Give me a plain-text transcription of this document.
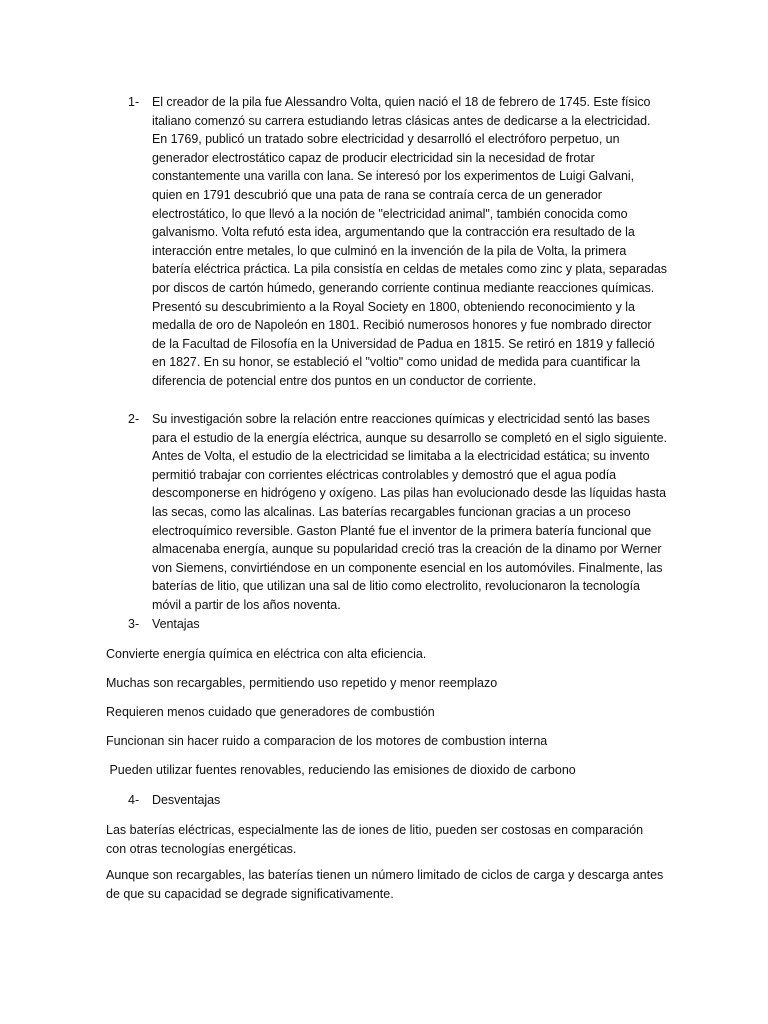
1- El creador de la pila fue Alessandro Volta, quien nació el 18 de febrero de 1745. Este físico italiano comenzó su carrera estudiando letras clásicas antes de dedicarse a la electricidad. En 1769, publicó un tratado sobre electricidad y desarrolló el electróforo perpetuo, un generador electrostático capaz de producir electricidad sin la necesidad de frotar constantemente una varilla con lana. Se interesó por los experimentos de Luigi Galvani, quien en 1791 descubrió que una pata de rana se contraía cerca de un generador electrostático, lo que llevó a la noción de "electricidad animal", también conocida como galvanismo. Volta refutó esta idea, argumentando que la contracción era resultado de la interacción entre metales, lo que culminó en la invención de la pila de Volta, la primera batería eléctrica práctica. La pila consistía en celdas de metales como zinc y plata, separadas por discos de cartón húmedo, generando corriente continua mediante reacciones químicas. Presentó su descubrimiento a la Royal Society en 1800, obteniendo reconocimiento y la medalla de oro de Napoleón en 1801. Recibió numerosos honores y fue nombrado director de la Facultad de Filosofía en la Universidad de Padua en 1815. Se retiró en 1819 y falleció en 1827. En su honor, se estableció el "voltio" como unidad de medida para cuantificar la diferencia de potencial entre dos puntos en un conductor de corriente.
2- Su investigación sobre la relación entre reacciones químicas y electricidad sentó las bases para el estudio de la energía eléctrica, aunque su desarrollo se completó en el siglo siguiente. Antes de Volta, el estudio de la electricidad se limitaba a la electricidad estática; su invento permitió trabajar con corrientes eléctricas controlables y demostró que el agua podía descomponerse en hidrógeno y oxígeno. Las pilas han evolucionado desde las líquidas hasta las secas, como las alcalinas. Las baterías recargables funcionan gracias a un proceso electroquímico reversible. Gaston Planté fue el inventor de la primera batería funcional que almacenaba energía, aunque su popularidad creció tras la creación de la dinamo por Werner von Siemens, convirtiéndose en un componente esencial en los automóviles. Finalmente, las baterías de litio, que utilizan una sal de litio como electrolito, revolucionaron la tecnología móvil a partir de los años noventa.
3- Ventajas
Convierte energía química en eléctrica con alta eficiencia.
Muchas son recargables, permitiendo uso repetido y menor reemplazo
Requieren menos cuidado que generadores de combustión
Funcionan sin hacer ruido a comparacion de los motores de combustion interna
Pueden utilizar fuentes renovables, reduciendo las emisiones de dioxido de carbono
4- Desventajas
Las baterías eléctricas, especialmente las de iones de litio, pueden ser costosas en comparación con otras tecnologías energéticas.
Aunque son recargables, las baterías tienen un número limitado de ciclos de carga y descarga antes de que su capacidad se degrade significativamente.
